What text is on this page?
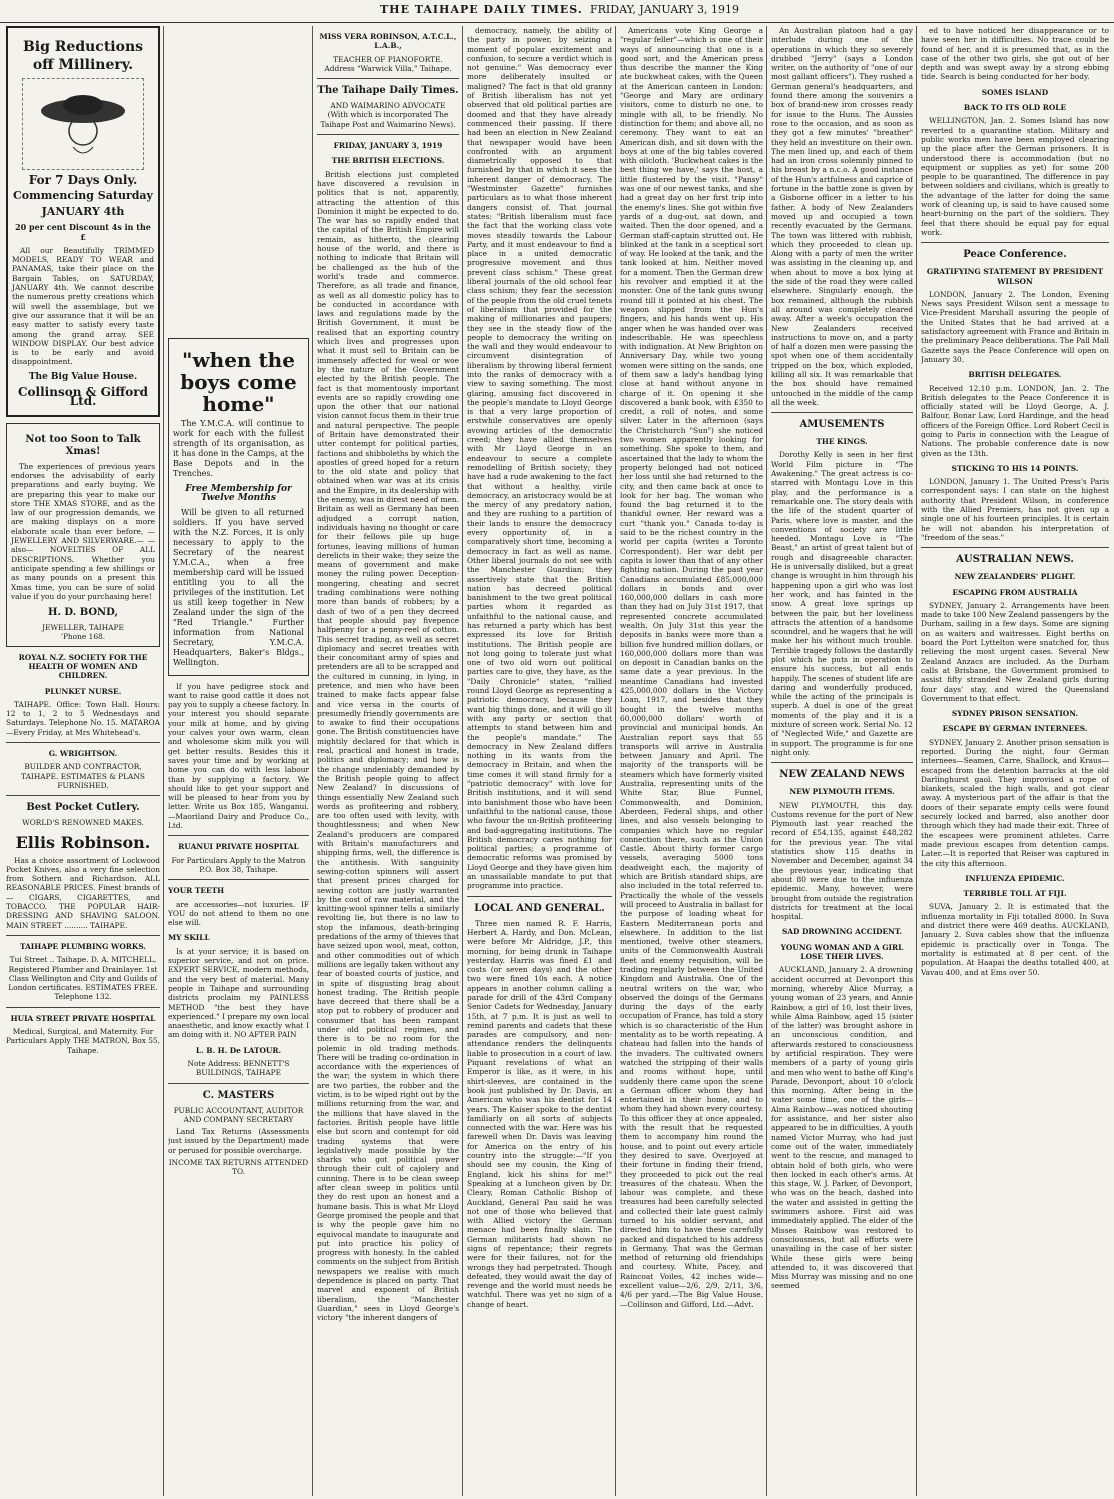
THE TAIHAPE DAILY TIMES. FRIDAY, JANUARY 3, 1919
Big Reductions off Millinery.
For 7 Days Only.
Commencing Saturday
JANUARY 4th
20 per cent Discount 4s in the £

All our Beautifully TRIMMED MODELS, READY TO WEAR and PANAMAS, take their place on the Bargain Tables, on SATURDAY, JANUARY 4th. We cannot describe the numerous pretty creations which will swell the assemblage, but we give our assurance that it will be an easy matter to satisfy every taste among the grand array. SEE WINDOW DISPLAY. Our best advice is to be early and avoid disappointment.

The Big Value House.
Collinson & Gifford Ltd.
Not too Soon to Talk Xmas!

The experiences of previous years endorses the advisability of early preparations and early buying. We are preparing this year to make our store THE XMAS STORE, and as the law of our progression demands, we are making displays on a more elaborate scale than ever before, —JEWELLERY AND SILVERWARE.— —also— NOVELTIES OF ALL DESCRIPTIONS. Whether you anticipate spending a few shillings or as many pounds on a present this Xmas time, you can be sure of solid value if you do your purchasing here!

H. D. BOND,
JEWELLER, TAIHAPE
'Phone 168.
ROYAL N.Z. SOCIETY FOR THE HEALTH OF WOMEN AND CHILDREN.
PLUNKET NURSE.

TAIHAPE. Office: Town Hall. Hours: 12 to 1, 2 to 5 Wednesdays and Saturdays. Telephone No. 15. MATAROA—Every Friday, at Mrs Whitehead's.

G. WRIGHTSON.

BUILDER AND CONTRACTOR, TAIHAPE. ESTIMATES & PLANS FURNISHED.

Best Pocket Cutlery.
WORLD'S RENOWNED MAKES.
Ellis Robinson.

Has a choice assortment of Lockwood Pocket Knives, also a very fine selection from Sothern and Richardson. ALL REASONABLE PRICES. Finest brands of— CIGARS, CIGARETTES, and TOBACCO. THE POPULAR HAIR-DRESSING AND SHAVING SALOON. MAIN STREET .......... TAIHAPE.

TAIHAPE PLUMBING WORKS.

Tui Street .. Taihape. D. A. MITCHELL, Registered Plumber and Drainlayer. 1st Class Wellington and City and Guilds of London certificates. ESTIMATES FREE. Telephone 132.

HUIA STREET PRIVATE HOSPITAL

Medical, Surgical, and Maternity. For Particulars Apply THE MATRON, Box 55, Taihape.

"when the boys come home"

The Y.M.C.A. will continue to work for each with the fullest strength of its organisation, as it has done in the Camps, at the Base Depots and in the Trenches.

Free Membership for Twelve Months

Will be given to all returned soldiers. If you have served with the N.Z. Forces, it is only necessary to apply to the Secretary of the nearest Y.M.C.A., when a free membership card will be issued entitling you to all the privileges of the institution. Let us still keep together in New Zealand under the sign of the "Red Triangle." Further information from National Secretary, Y.M.C.A. Headquarters, Baker's Bldgs., Wellington.

If you have pedigree stock and want to raise good cattle it does not pay you to supply a cheese factory. In your interest you should separate your milk at home, and by giving your calves your own warm, clean and wholesome skim milk you will get better results. Besides this it saves your time and by working at home you can do with less labour than by supplying a factory. We should like to get your support and will be pleased to hear from you by letter. Write us Box 185, Wanganui. —Maoriland Dairy and Produce Co., Ltd.

RUANUI PRIVATE HOSPITAL

For Particulars Apply to the Matron P.O. Box 38, Taihape.

YOUR TEETH

are accessories—not luxuries. IF YOU do not attend to them no one else will.

MY SKILL

Is at your service; it is based on superior service, and not on price. EXPERT SERVICE, modern methods, and the very best of material. Many people in Taihape and surrounding districts proclaim my PAINLESS METHOD "the best they have experienced." I prepare my own local anaesthetic, and know exactly what I am doing with it. NO AFTER PAIN

L. B. H. De LATOUR.

Note Address: BENNETT'S BUILDINGS, TAIHAPE

C. MASTERS

PUBLIC ACCOUNTANT, AUDITOR AND COMPANY SECRETARY

Land Tax Returns (Assessments just issued by the Department) made or perused for possible overcharge.

INCOME TAX RETURNS ATTENDED TO.

MISS VERA ROBINSON, A.T.C.L., L.A.B.,
TEACHER OF PIANOFORTE.
Address "Warwick Villa," Taihape.
The Taihape Daily Times.
AND WAIMARINO ADVOCATE
(With which is incorporated The Taihape Post and Waimarino News).
FRIDAY, JANUARY 3, 1919
THE BRITISH ELECTIONS.

British elections just completed have discovered a revulsion in politics that is not, apparently, attracting the attention of this Dominion it might be expected to do. The war has so rapidly ended that the capital of the British Empire will remain, as hitherto, the clearing house of the world, and there is nothing to indicate that Britain will be challenged as the hub of the world's trade and commerce. Therefore, as all trade and finance, as well as all domestic policy has to be conducted in accordance with laws and regulations made by the British Government, it must be realised that an exporting country which lives and progresses upon what it must sell to Britain can be immensely affected for weal or woe by the nature of the Government elected by the British people. The fact is that momentously important events are so rapidly crowding one upon the other that our national vision cannot focus them in their true and natural perspective. The people of Britain have demonstrated their utter contempt for political parties, factions and shibboleths by which the apostles of greed hoped for a return to the old state and policy that obtained when war was at its crisis and the Empire, in its dealership with the enemy, was in direst need of men. Britain as well as Germany has been adjudged a corrupt nation, individuals having no thought or care for their fellows pile up huge fortunes, leaving millions of human derelicts in their wake; they seize the means of government and make money the ruling power. Deception-mongering, cheating and secret trading combinations were nothing more than bands of robbers; by a dash of two of a pen they decreed that people should pay fivepence halfpenny for a penny-reel of cotton. This secret trading, as well as secret diplomacy and secret treaties with their concomitant army of spies and pretenders are all to be scrapped and the cultured in cunning, in lying, in pretence, and men who have been trained to make facts appear false and vice versa in the courts of presumedly friendly governments are to awake to find their occupations gone. The British constituencies have mightily declared for that which is real, practical and honest in trade, politics and diplomacy; and how is the change undeniably demanded by the British people going to affect New Zealand? In discussions of things essentially New Zealand such words as profiteering and robbery, are too often used with levity, with thoughtlessness; and when New Zealand's producers are compared with Britain's manufacturers and shipping firms, well, the difference is the antithesis. With sanguinity sewing-cotton spinners will assert that present prices charged for sewing cotton are justly warranted by the cost of raw material, and the knitting-wool spinner tells a similarly revolting lie, but there is no law to stop the infamous, death-bringing predations of the army of thieves that have seized upon wool, meat, cotton, and other commodities out of which millions are legally taken without any fear of boasted courts of justice, and in spite of disgusting brag about honest trading. The British people have decreed that there shall be a stop put to robbery of producer and consumer that has been rampant under old political regimes, and there is to be no room for the polemic in old trading methods. There will be trading co-ordination in accordance with the experiences of the war; the system in which there are two parties, the robber and the victim, is to be wiped right out by the millions returning from the war, and the millions that have slaved in the factories. British people have little else but scorn and contempt for old trading systems that were legislatively made possible by the sharks who got political power through their cult of cajolery and cunning. There is to be clean sweep after clean sweep in politics until they do rest upon an honest and a humane basis. This is what Mr Lloyd George promised the people and that is why the people gave him no equivocal mandate to inaugurate and put into practice his policy of progress with honesty. In the cabled comments on the subject from British newspapers we realise with much dependence is placed on party. That marvel and exponent of British liberalism, the "Manchester Guardian," sees in Lloyd George's victory "the inherent dangers of

democracy, namely, the ability of the party in power, by seizing a moment of popular excitement and confusion, to secure a verdict which is not genuine." Was democracy ever more deliberately insulted or maligned? The fact is that old granny of British liberalism has not yet observed that old political parties are doomed and that they have already commenced their passing. If there had been an election in New Zealand that newspaper would have been confronted with an argument diametrically opposed to that furnished by that in which it sees the inherent danger of democracy. The "Westminster Gazette" furnishes particulars as to what those inherent dangers consist of. That journal states: "British liberalism must face the fact that the working class vote moves steadily towards the Labour Party, and it must endeavour to find a place in a united democratic progressive movement and thus prevent class schism." These great liberal journals of the old school fear class schism; they fear the secession of the people from the old cruel tenets of liberalism that provided for the making of millionaries and paupers; they see in the steady flow of the people to democracy the writing on the wall and they would endeavour to circumvent disintegration of liberalism by throwing liberal ferment into the ranks of democracy with a view to saving something. The most glaring, amusing fact discovered in the people's mandate to Lloyd George is that a very large proportion of erstwhile conservatives are openly avowing articles of the democratic creed; they have allied themselves with Mr Lloyd George in an endeavour to secure a complete remodelling of British society; they have had a rude awakening to the fact that without a healthy, virile democracy, an aristocracy would be at the mercy of any predatory nation, and they are rushing to a partition of their lands to ensure the democracy every opportunity of, in a comparatively short time, becoming a democracy in fact as well as name. Other liberal journals do not see with the Manchester Guardian; they assertively state that the British nation has decreed political banishment to the two great political parties whom it regarded as unfaithful to the national cause, and has returned a party which has best expressed its love for British institutions. The British people are not long going to tolerate just what one of two old worn out political parties care to give, they have, as the "Daily Chronicle" states, "rallied round Lloyd George as representing a patriotic democracy, because they want big things done, and it will go ill with any party or section that attempts to stand between him and the people's mandate." The democracy in New Zealand differs nothing in its wants from the democracy in Britain, and when the time comes it will stand firmly for a "patriotic democracy" with love for British institutions, and it will send into banishment those who have been unfaithful to the national cause, those who favour the un-British profiteering and bad-aggregating institutions. The British democracy cares nothing for political parties; a programme of democratic reforms was promised by Lloyd George and they have given him an unassailable mandate to put that programme into practice.

LOCAL AND GENERAL.

Three men named R. F. Harris, Herbert A. Hardy, and Don. McLean, were before Mr Aldridge, J.P., this morning, for being drunk in Taihape yesterday. Harris was fined £1 and costs (or seven days) and the other two were fined 10s each. A notice appears in another column calling a parade for drill of the 43rd Company Senior Cadets for Wednesday, January 15th, at 7 p.m. It is just as well to remind parents and cadets that these parades are compulsory, and non-attendance renders the delinquents liable to prosecution in a court of law. Piquant revelations of what an Emperor is like, as it were, in his shirt-sleeves, are contained in the book just published by Dr. Davis, an American who was his dentist for 14 years. The Kaiser spoke to the dentist familiarly on all sorts of subjects connected with the war. Here was his farewell when Dr. Davis was leaving for America on the entry of his country into the struggle:—"If you should see my cousin, the King of England, kick his shins for me!" Speaking at a luncheon given by Dr. Cleary, Roman Catholic Bishop of Auckland, General Pau said he was not one of those who believed that with Allied victory the German menace had been finally slain. The German militarists had shown no signs of repentance; their regrets were for their failures, not for the wrongs they had perpetrated. Though defeated, they would await the day of revenge and the world must needs be watchful. There was yet no sign of a change of heart.

Americans vote King George a "regular feller"—which is one of their ways of announcing that one is a good sort, and the American press thus describe the manner the King ate buckwheat cakes, with the Queen at the American canteen in London: "George and Mary are ordinary visitors, come to disturb no one, to mingle with all, to be friendly. No distinction for them; and above all, no ceremony. They want to eat an American dish, and sit down with the boys at one of the big tables covered with oilcloth. 'Buckwheat cakes is the best thing we have,' says the host, a little flustered by the visit. "Pansy" was one of our newest tanks, and she had a great day on her first trip into the enemy's lines. She got within five yards of a dug-out, sat down, and waited. Then the door opened, and a German staff-captain strutted out. He blinked at the tank in a sceptical sort of way. He looked at the tank, and the tank looked at him. Neither moved for a moment. Then the German drew his revolver and emptied it at the monster. One of the tank guns swung round till it pointed at his chest. The weapon slipped from the Hun's fingers, and his hands went up. His anger when he was handed over was indescribable. He was speechless with indignation. At New Brighton on Anniversary Day, while two young women were sitting on the sands, one of them saw a lady's handbag lying close at hand without anyone in charge of it. On opening it she discovered a bank book, with £350 to credit, a roll of notes, and some silver. Later in the afternoon (says the Christchurch "Sun") she noticed two women apparently looking for something. She spoke to them, and ascertained that the lady to whom the property belonged had not noticed her loss until she had returned to the city, and then came back at once to look for her bag. The woman who found the bag returned it to the thankful owner. Her reward was a curt "thank you." Canada to-day is said to be the richest country in the world per capita (writes a Toronto Correspondent). Her war debt per capita is lower than that of any other fighting nation. During the past year Canadians accumulated £85,000,000 dollars in bonds and over 160,000,000 dollars in cash more than they had on July 31st 1917, that represented concrete accumulated wealth. On July 31st this year the deposits in banks were more than a billion five hundred million dollars, or 160,000,000 dollars more than was on deposit in Canadian banks on the same date a year previous. In the meantime Canadians had invested 425,000,000 dollars in the Victory Loan, 1917, and besides that they bought in the twelve months 60,000,000 dollars' worth of provincial and municipal bonds. An Australian report says that 55 transports will arrive in Australia between January and April. The majority of the transports will be steamers which have formerly visited Australia, representing units of the White Star, Blue Funnel, Commonwealth, and Dominion, Aberdeen, Federal ships, and other lines, and also vessels belonging to companies which have no regular connection there, such as the Union Castle. About thirty former cargo vessels, averaging 5000 tons deadweight each, the majority of which are British standard ships, are also included in the total referred to. Practically the whole of the vessels will proceed to Australia in ballast for the purpose of loading wheat for Eastern Mediterranean ports and elsewhere. In addition to the list mentioned, twelve other steamers, units of the Commonwealth Australi fleet and enemy requisition, will be trading regularly between the United Kingdom and Australia. One of the neutral writers on the war, who observed the doings of the Germans during the days of the early occupation of France, has told a story which is so characteristic of the Hun mentality as to be worth repeating. A chateau had fallen into the hands of the invaders. The cultivated owners watched the stripping of their walls and rooms without hope, until suddenly there came upon the scene a German officer whom they had entertained in their home, and to whom they had shown every courtesy. To this officer they at once appealed, with the result that he requested them to accompany him round the house, and to point out every article they desired to save. Overjoyed at their fortune in finding their friend, they proceeded to pick out the real treasures of the chateau. When the labour was complete, and these treasures had been carefully selected and collected their late guest calmly turned to his soldier servant, and directed him to have these carefully packed and dispatched to his address in Germany. That was the German method of returning old friendships and courtesy. White, Pacey, and Raincoat Voiles, 42 inches wide—excellent value—2/6, 2/9, 2/11, 3/6, 4/6 per yard.—The Big Value House.—Collinson and Gifford, Ltd.—Advt.

An Australian platoon had a gay interlude during one of the operations in which they so severely drubbed "Jerry" (says a London writer, on the authority of "one of our most gallant officers"). They rushed a German general's headquarters, and found there among the souvenirs a box of brand-new iron crosses ready for issue to the Huns. The Aussies rose to the occasion, and as soon as they got a few minutes' "breather" they held an investiture on their own. The men lined up, and each of them had an iron cross solemnly pinned to his breast by a n.c.o. A good instance of the Hun's artfulness and caprice of fortune in the battle zone is given by a Gisborne officer in a letter to his father. A body of New Zealanders moved up and occupied a town recently evacuated by the Germans. The town was littered with rubbish, which they proceeded to clean up. Along with a party of men the writer was assisting in the cleaning up, and when about to move a box lying at the side of the road they were called elsewhere. Singularly enough, the box remained, although the rubbish all around was completely cleared away. After a week's occupation the New Zealanders received instructions to move on, and a party of half a dozen men were passing the spot when one of them accidentally tripped on the box, which exploded, killing all six. It was remarkable that the box should have remained untouched in the middle of the camp all the week.

AMUSEMENTS
THE KINGS.

Dorothy Kelly is seen in her first World Film picture in "The Awakening." The great actress is co-starred with Montagu Love in this play, and the performance is a remarkable one. The story deals with the life of the student quarter of Paris, where love is master, and the conventions of society are little heeded. Montagu Love is "The Beast," an artist of great talent but of rough and disagreeable character. He is universally disliked, but a great change is wrought in him through his happening upon a girl who was lost her work, and has fainted in the snow. A great love springs up between the pair, but her loveliness attracts the attention of a handsome scoundrel, and he wagers that he will make her his without much trouble. Terrible tragedy follows the dastardly plot which he puts in operation to ensure his success, but all ends happily. The scenes of student life are daring and wonderfully produced, while the acting of the principals is superb. A duel is one of the great moments of the play and it is a mixture of screen work. Serial No. 12 of "Neglected Wife," and Gazette are in support. The programme is for one night only.

NEW ZEALAND NEWS
NEW PLYMOUTH ITEMS.

NEW PLYMOUTH, this day. Customs revenue for the port of New Plymouth last year reached the record of £54,135, against £48,282 for the previous year. The vital statistics show 115 deaths in November and December, against 34 the previous year, indicating that about 80 were due to the influenza epidemic. Many, however, were brought from outside the registration districts for treatment at the local hospital.

SAD DROWNING ACCIDENT.
YOUNG WOMAN AND A GIRL LOSE THEIR LIVES.

AUCKLAND, January 2. A drowning accident occurred at Devonport this morning, whereby Alice Murray, a young woman of 23 years, and Annie Rainbow, a girl of 10, lost their lives, while Alma Rainbow, aged 15 (sister of the latter) was brought ashore in an unconscious condition, and afterwards restored to consciousness by artificial respiration. They were members of a party of young girls and men who went to bathe off King's Parade, Devonport, about 10 o'clock this morning. After being in the water some time, one of the girls—Alma Rainbow—was noticed shouting for assistance, and her sister also appeared to be in difficulties. A youth named Victor Murray, who had just come out of the water, immediately went to the rescue, and managed to obtain hold of both girls, who were then locked in each other's arms. At this stage, W. J. Parker, of Devonport, who was on the beach, dashed into the water and assisted in getting the swimmers ashore. First aid was immediately applied. The elder of the Misses Rainbow was restored to consciousness, but all efforts were unavailing in the case of her sister. While these girls were being attended to, it was discovered that Miss Murray was missing and no one seemed

ed to have noticed her disappearance or to have seen her in difficulties. No trace could be found of her, and it is presumed that, as in the case of the other two girls, she got out of her depth and was swept away by a strong ebbing tide. Search is being conducted for her body.

SOMES ISLAND
BACK TO ITS OLD ROLE

WELLINGTON, Jan. 2. Somes Island has now reverted to a quarantine station. Military and public works men have been employed clearing up the place after the German prisoners. It is understood there is accommodation (but no equipment or supplies as yet) for some 200 people to be quarantined. The difference in pay between soldiers and civilians, which is greatly to the advantage of the latter for doing the same work of cleaning up, is said to have caused some heart-burning on the part of the soldiers. They feel that there should be equal pay for equal work.

Peace Conference.
GRATIFYING STATEMENT BY PRESIDENT WILSON

LONDON, January 2. The London, Evening News says President Wilson sent a message to Vice-President Marshall assuring the people of the United States that he had arrived at a satisfactory agreement with France and Britain in the preliminary Peace deliberations. The Pall Mall Gazette says the Peace Conference will open on January 30.

BRITISH DELEGATES.

Received 12.10 p.m. LONDON, Jan. 2. The British delegates to the Peace Conference it is officially stated will be Lloyd George, A. J. Balfour, Bonar Law, Lord Hardinge, and the head officers of the Foreign Office. Lord Robert Cecil is going to Paris in connection with the League of Nations. The probable conference date is now given as the 13th.

STICKING TO HIS 14 POINTS.

LONDON, January 1. The United Press's Paris correspondent says: I can state on the highest authority that President Wilson, in conference with the Allied Premiers, has not given up a single one of his fourteen principles. It is certain he will not abandon his interpretation of "freedom of the seas."

AUSTRALIAN NEWS.
NEW ZEALANDERS' PLIGHT.
ESCAPING FROM AUSTRALIA

SYDNEY, January 2. Arrangements have been made to take 100 New Zealand passengers by the Durham, sailing in a few days. Some are signing on as waiters and waitresses. Eight berths on board the Port Lyttelton were snatched for, thus relieving the most urgent cases. Several New Zealand Anzacs are included. As the Durham calls at Brisbane, the Government promised to assist fifty stranded New Zealand girls during four days' stay, and wired the Queensland Government to that effect.

SYDNEY PRISON SENSATION.
ESCAPE BY GERMAN INTERNEES.

SYDNEY, January 2. Another prison sensation is reported. During the night, four German internees—Seamen, Carre, Shallock, and Kraus—escaped from the detention barracks at the old Darlinghurst gaol. They improvised a rope of blankets, scaled the high walls, and got clear away. A mysterious part of the affair is that the doors of their separate empty cells were found securely locked and barred, also another door through which they had made their exit. Three of the escapees were prominent athletes. Carre made previous escapes from detention camps. Later.—It is reported that Reiser was captured in the city this afternoon.

INFLUENZA EPIDEMIC.
TERRIBLE TOLL AT FIJI.

SUVA, January 2. It is estimated that the influenza mortality in Fiji totalled 8000. In Suva and district there were 469 deaths. AUCKLAND, January 2. Suva cables show that the influenza epidemic is practically over in Tonga. The mortality is estimated at 8 per cent. of the population. At Haapai the deaths totalled 400, at Vavau 400, and at Ems over 50.
